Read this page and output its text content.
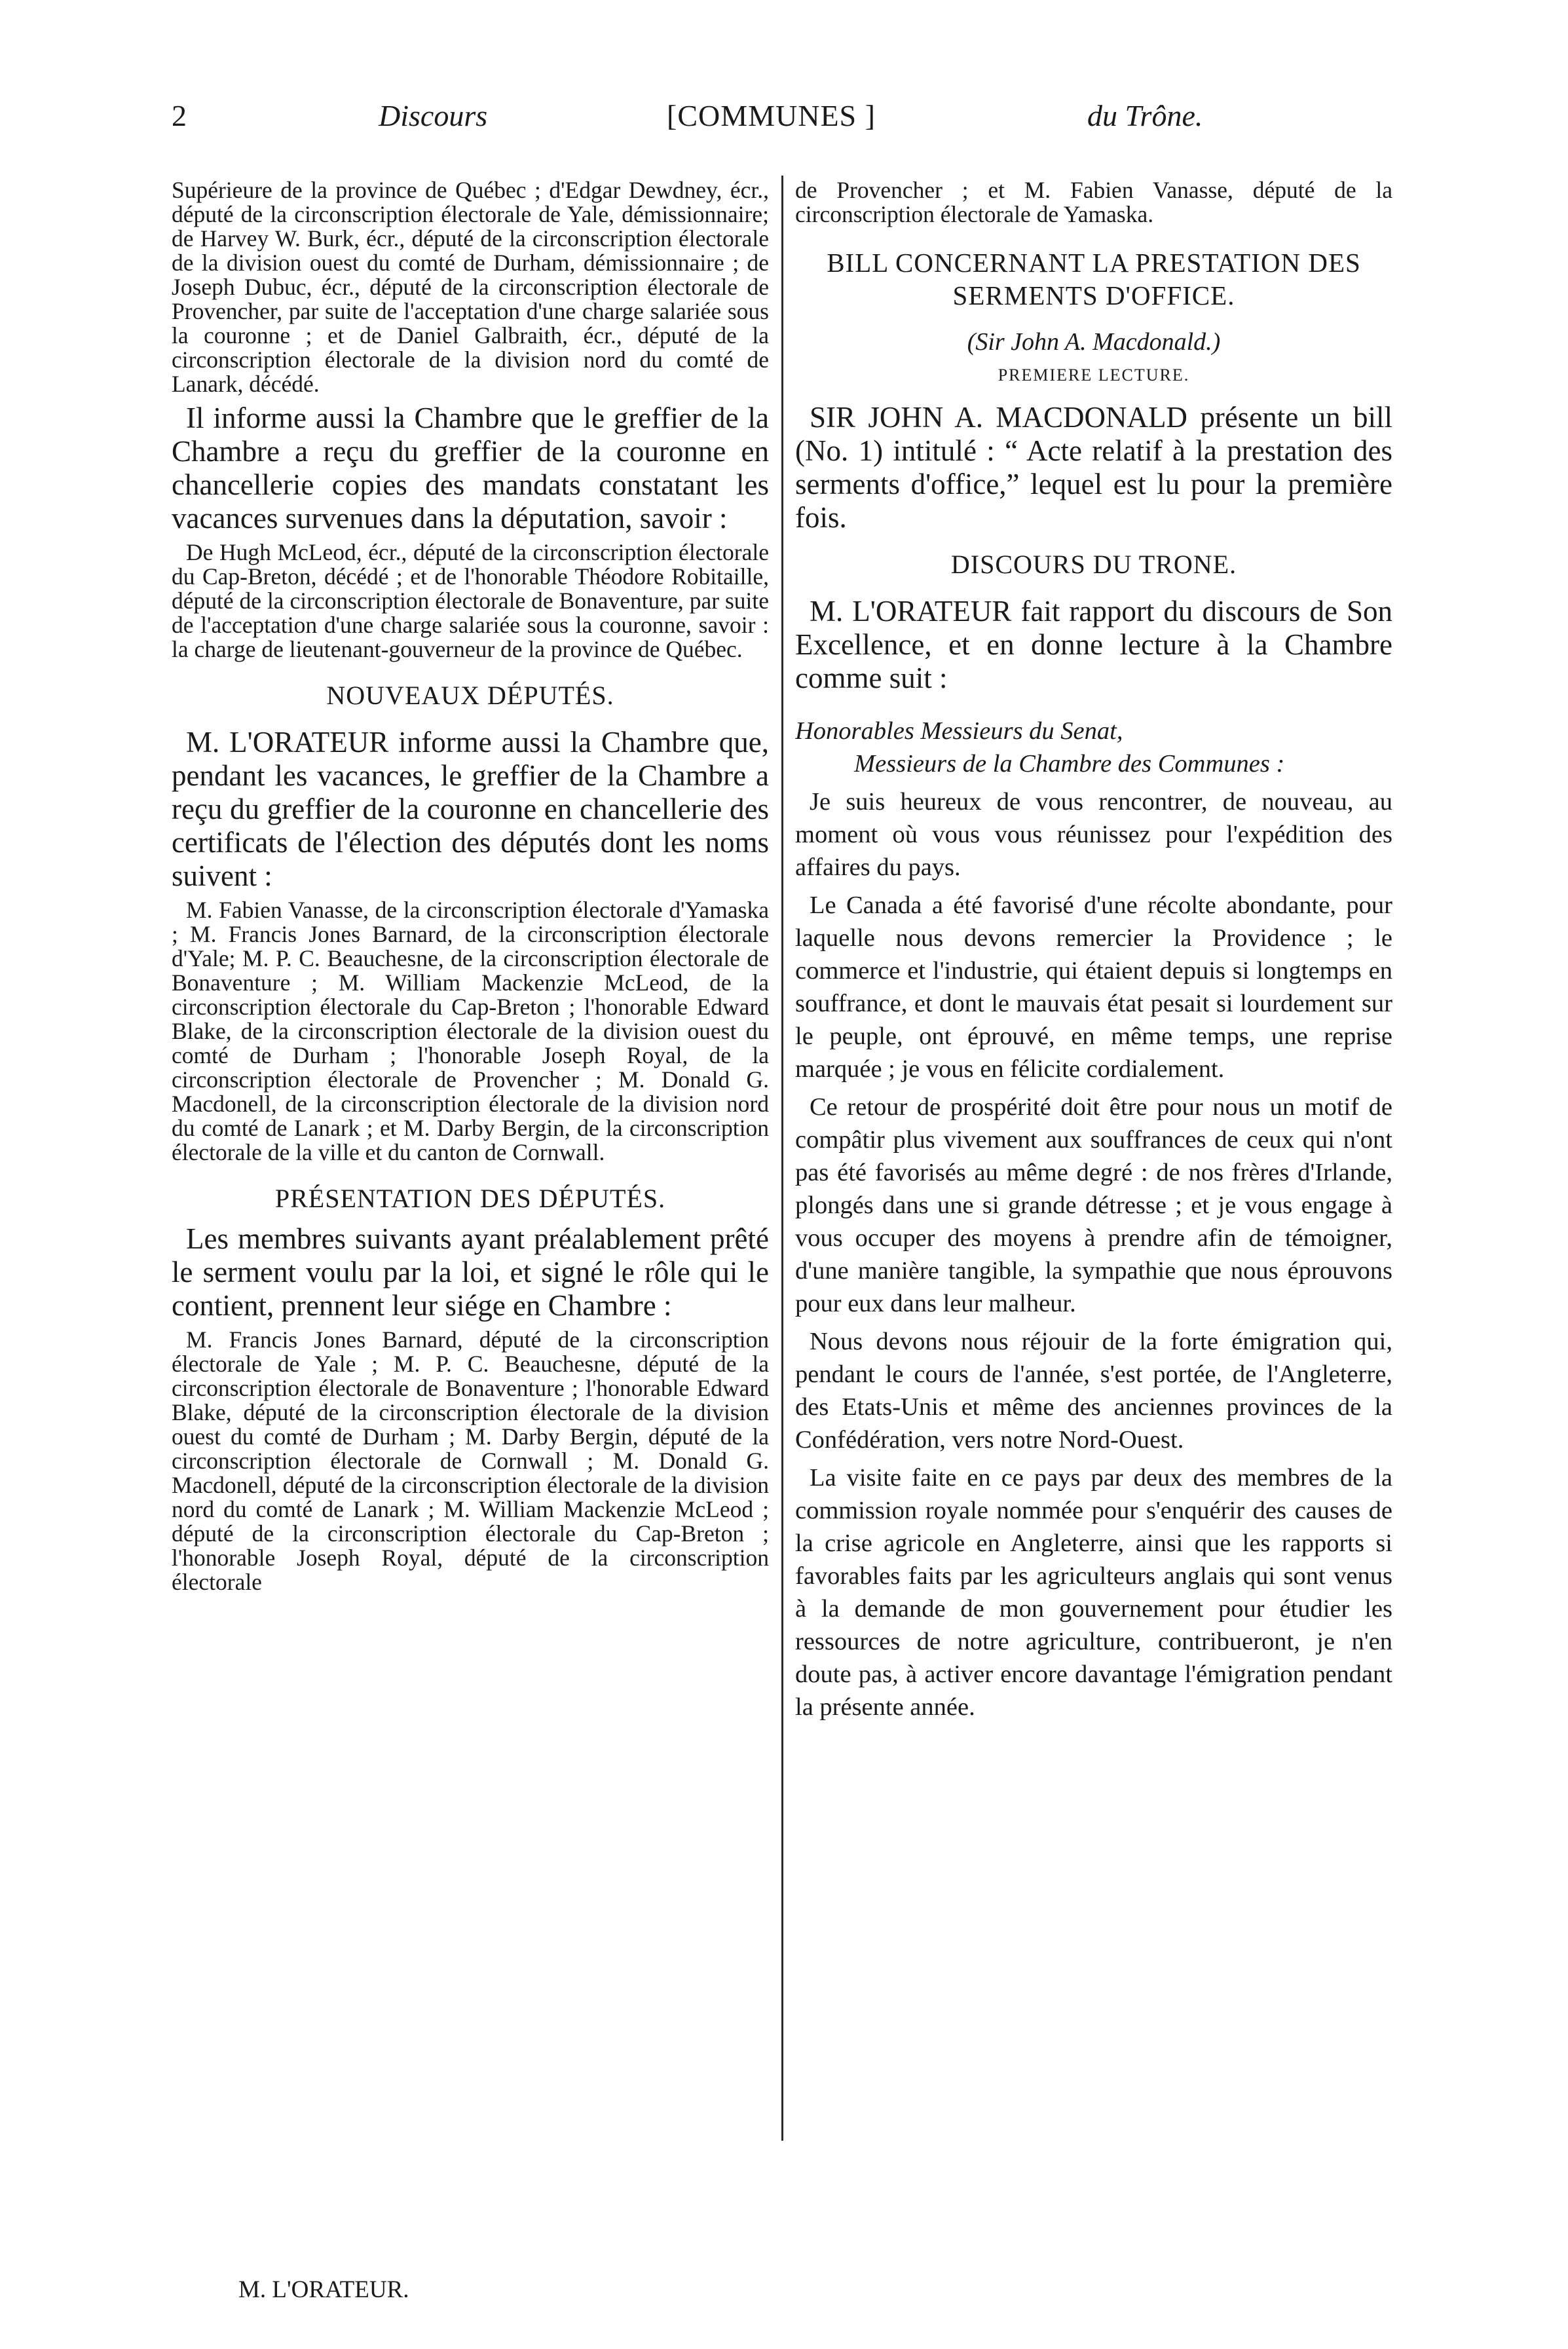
2	Discours	[COMMUNES ]	du Trône.

Supérieure de la province de Québec ; d'Edgar Dewdney, écr., député de la circonscription électorale de Yale, démissionnaire; de Harvey W. Burk, écr., député de la circonscription électorale de la division ouest du comté de Durham, démissionnaire ; de Joseph Dubuc, écr., député de la circonscription électorale de Provencher, par suite de l'acceptation d'une charge salariée sous la couronne ; et de Daniel Galbraith, écr., député de la circonscription électorale de la division nord du comté de Lanark, décédé.

Il informe aussi la Chambre que le greffier de la Chambre a reçu du greffier de la couronne en chancellerie copies des mandats constatant les vacances survenues dans la députation, savoir :

De Hugh McLeod, écr., député de la circonscription électorale du Cap-Breton, décédé ; et de l'honorable Théodore Robitaille, député de la circonscription électorale de Bonaventure, par suite de l'acceptation d'une charge salariée sous la couronne, savoir : la charge de lieutenant-gouverneur de la province de Québec.

NOUVEAUX DÉPUTÉS.

M. L'ORATEUR informe aussi la Chambre que, pendant les vacances, le greffier de la Chambre a reçu du greffier de la couronne en chancellerie des certificats de l'élection des députés dont les noms suivent :

M. Fabien Vanasse, de la circonscription électorale d'Yamaska ; M. Francis Jones Barnard, de la circonscription électorale d'Yale; M. P. C. Beauchesne, de la circonscription électorale de Bonaventure ; M. William Mackenzie McLeod, de la circonscription électorale du Cap-Breton ; l'honorable Edward Blake, de la circonscription électorale de la division ouest du comté de Durham ; l'honorable Joseph Royal, de la circonscription électorale de Provencher ; M. Donald G. Macdonell, de la circonscription électorale de la division nord du comté de Lanark ; et M. Darby Bergin, de la circonscription électorale de la ville et du canton de Cornwall.

PRÉSENTATION DES DÉPUTÉS.

Les membres suivants ayant préalablement prêté le serment voulu par la loi, et signé le rôle qui le contient, prennent leur siége en Chambre :

M. Francis Jones Barnard, député de la circonscription électorale de Yale ; M. P. C. Beauchesne, député de la circonscription électorale de Bonaventure ; l'honorable Edward Blake, député de la circonscription électorale de la division ouest du comté de Durham ; M. Darby Bergin, député de la circonscription électorale de Cornwall ; M. Donald G. Macdonell, député de la circonscription électorale de la division nord du comté de Lanark ; M. William Mackenzie McLeod ; député de la circonscription électorale du Cap-Breton ; l'honorable Joseph Royal, député de la circonscription électorale

M. L'ORATEUR.

de Provencher ; et M. Fabien Vanasse, député de la circonscription électorale de Yamaska.

BILL CONCERNANT LA PRESTATION DES SERMENTS D'OFFICE.

(Sir John A. Macdonald.)

PREMIERE LECTURE.

SIR JOHN A. MACDONALD présente un bill (No. 1) intitulé : “ Acte relatif à la prestation des serments d'office,” lequel est lu pour la première fois.

DISCOURS DU TRONE.

M. L'ORATEUR fait rapport du discours de Son Excellence, et en donne lecture à la Chambre comme suit :

Honorables Messieurs du Senat,

Messieurs de la Chambre des Communes :

Je suis heureux de vous rencontrer, de nouveau, au moment où vous vous réunissez pour l'expédition des affaires du pays.

Le Canada a été favorisé d'une récolte abondante, pour laquelle nous devons remercier la Providence ; le commerce et l'industrie, qui étaient depuis si longtemps en souffrance, et dont le mauvais état pesait si lourdement sur le peuple, ont éprouvé, en même temps, une reprise marquée ; je vous en félicite cordialement.

Ce retour de prospérité doit être pour nous un motif de compâtir plus vivement aux souffrances de ceux qui n'ont pas été favorisés au même degré : de nos frères d'Irlande, plongés dans une si grande détresse ; et je vous engage à vous occuper des moyens à prendre afin de témoigner, d'une manière tangible, la sympathie que nous éprouvons pour eux dans leur malheur.

Nous devons nous réjouir de la forte émigration qui, pendant le cours de l'année, s'est portée, de l'Angleterre, des Etats-Unis et même des anciennes provinces de la Confédération, vers notre Nord-Ouest.

La visite faite en ce pays par deux des membres de la commission royale nommée pour s'enquérir des causes de la crise agricole en Angleterre, ainsi que les rapports si favorables faits par les agriculteurs anglais qui sont venus à la demande de mon gouvernement pour étudier les ressources de notre agriculture, contribueront, je n'en doute pas, à activer encore davantage l'émigration pendant la présente année.
